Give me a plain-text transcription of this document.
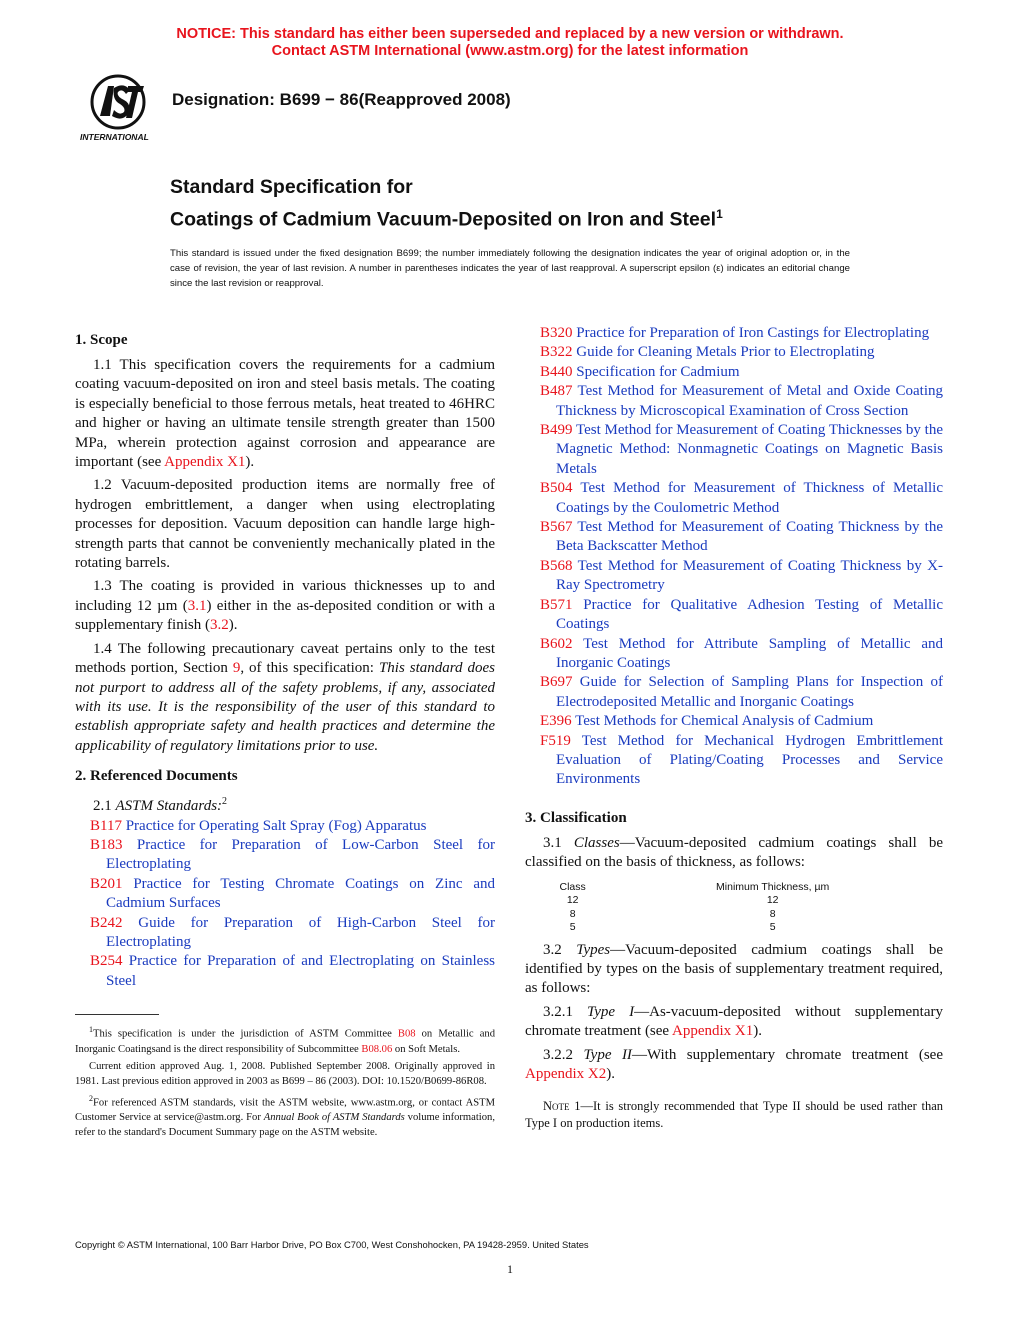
NOTICE: This standard has either been superseded and replaced by a new version or withdrawn.
Contact ASTM International (www.astm.org) for the latest information
INTERNATIONAL
Designation: B699 − 86(Reapproved 2008)
Standard Specification for
Coatings of Cadmium Vacuum-Deposited on Iron and Steel$^1$
This standard is issued under the fixed designation B699; the number immediately following the designation indicates the year of original adoption or, in the case of revision, the year of last revision. A number in parentheses indicates the year of last reapproval. A superscript epsilon (ε) indicates an editorial change since the last revision or reapproval.
1. Scope

1.1 This specification covers the requirements for a cadmium coating vacuum-deposited on iron and steel basis metals. The coating is especially beneficial to those ferrous metals, heat treated to 46HRC and higher or having an ultimate tensile strength greater than 1500 MPa, wherein protection against corrosion and appearance are important (see Appendix X1).

1.2 Vacuum-deposited production items are normally free of hydrogen embrittlement, a danger when using electroplating processes for deposition. Vacuum deposition can handle large high-strength parts that cannot be conveniently mechanically plated in the rotating barrels.

1.3 The coating is provided in various thicknesses up to and including 12 µm (3.1) either in the as-deposited condition or with a supplementary finish (3.2).

1.4 The following precautionary caveat pertains only to the test methods portion, Section 9, of this specification: This standard does not purport to address all of the safety problems, if any, associated with its use. It is the responsibility of the user of this standard to establish appropriate safety and health practices and determine the applicability of regulatory limitations prior to use.

2. Referenced Documents

2.1 ASTM Standards:$^2$

B117 Practice for Operating Salt Spray (Fog) Apparatus

B183 Practice for Preparation of Low-Carbon Steel for Electroplating

B201 Practice for Testing Chromate Coatings on Zinc and Cadmium Surfaces

B242 Guide for Preparation of High-Carbon Steel for Electroplating

B254 Practice for Preparation of and Electroplating on Stainless Steel

B320 Practice for Preparation of Iron Castings for Electroplating

B322 Guide for Cleaning Metals Prior to Electroplating

B440 Specification for Cadmium

B487 Test Method for Measurement of Metal and Oxide Coating Thickness by Microscopical Examination of Cross Section

B499 Test Method for Measurement of Coating Thicknesses by the Magnetic Method: Nonmagnetic Coatings on Magnetic Basis Metals

B504 Test Method for Measurement of Thickness of Metallic Coatings by the Coulometric Method

B567 Test Method for Measurement of Coating Thickness by the Beta Backscatter Method

B568 Test Method for Measurement of Coating Thickness by X-Ray Spectrometry

B571 Practice for Qualitative Adhesion Testing of Metallic Coatings

B602 Test Method for Attribute Sampling of Metallic and Inorganic Coatings

B697 Guide for Selection of Sampling Plans for Inspection of Electrodeposited Metallic and Inorganic Coatings

E396 Test Methods for Chemical Analysis of Cadmium

F519 Test Method for Mechanical Hydrogen Embrittlement Evaluation of Plating/Coating Processes and Service Environments

3. Classification

3.1 Classes—Vacuum-deposited cadmium coatings shall be classified on the basis of thickness, as follows:

Class	Minimum Thickness, µm
12	12
8	8
5	5

3.2 Types—Vacuum-deposited cadmium coatings shall be identified by types on the basis of supplementary treatment required, as follows:

3.2.1 Type I—As-vacuum-deposited without supplementary chromate treatment (see Appendix X1).

3.2.2 Type II—With supplementary chromate treatment (see Appendix X2).

Note 1—It is strongly recommended that Type II should be used rather than Type I on production items.

$^1$This specification is under the jurisdiction of ASTM Committee B08 on Metallic and Inorganic Coatingsand is the direct responsibility of Subcommittee B08.06 on Soft Metals.

Current edition approved Aug. 1, 2008. Published September 2008. Originally approved in 1981. Last previous edition approved in 2003 as B699 – 86 (2003). DOI: 10.1520/B0699-86R08.

$^2$For referenced ASTM standards, visit the ASTM website, www.astm.org, or contact ASTM Customer Service at service@astm.org. For Annual Book of ASTM Standards volume information, refer to the standard's Document Summary page on the ASTM website.

Copyright © ASTM International, 100 Barr Harbor Drive, PO Box C700, West Conshohocken, PA 19428-2959. United States
1
